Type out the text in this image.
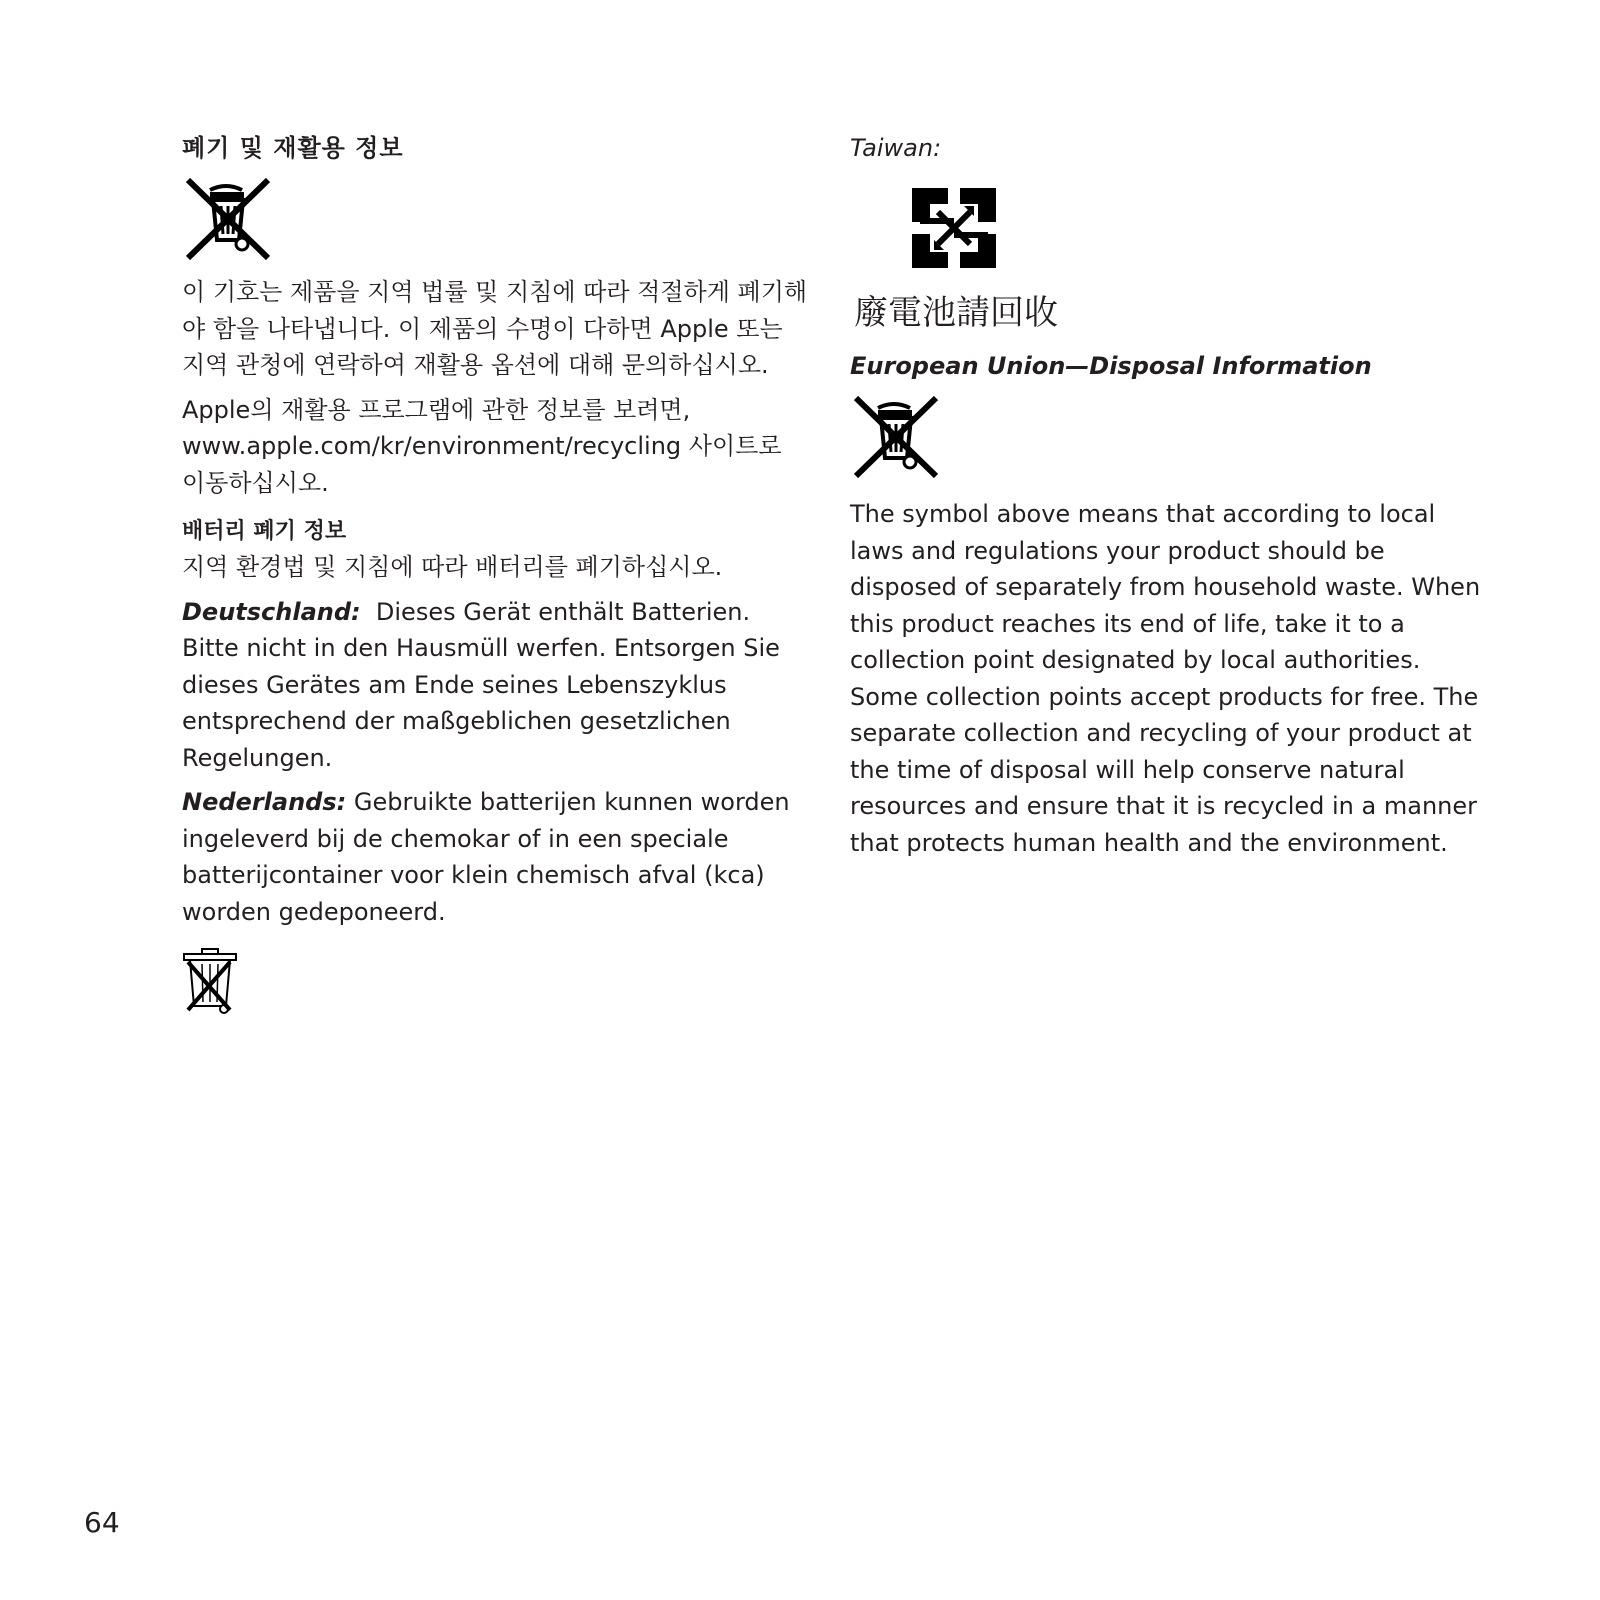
폐기 및 재활용 정보

이 기호는 제품을 지역 법률 및 지침에 따라 적절하게 폐기해야 함을 나타냅니다. 이 제품의 수명이 다하면 Apple 또는 지역 관청에 연락하여 재활용 옵션에 대해 문의하십시오.

Apple의 재활용 프로그램에 관한 정보를 보려면, www.apple.com/kr/environment/recycling 사이트로 이동하십시오.

배터리 폐기 정보

지역 환경법 및 지침에 따라 배터리를 폐기하십시오.

Deutschland: Dieses Gerät enthält Batterien. Bitte nicht in den Hausmüll werfen. Entsorgen Sie dieses Gerätes am Ende seines Lebenszyklus entsprechend der maßgeblichen gesetzlichen Regelungen.

Nederlands: Gebruikte batterijen kunnen worden ingeleverd bij de chemokar of in een speciale batterijcontainer voor klein chemisch afval (kca) worden gedeponeerd.

Taiwan:

廢電池請回收

European Union—Disposal Information

The symbol above means that according to local laws and regulations your product should be disposed of separately from household waste. When this product reaches its end of life, take it to a collection point designated by local authorities. Some collection points accept products for free. The separate collection and recycling of your product at the time of disposal will help conserve natural resources and ensure that it is recycled in a manner that protects human health and the environment.

64
